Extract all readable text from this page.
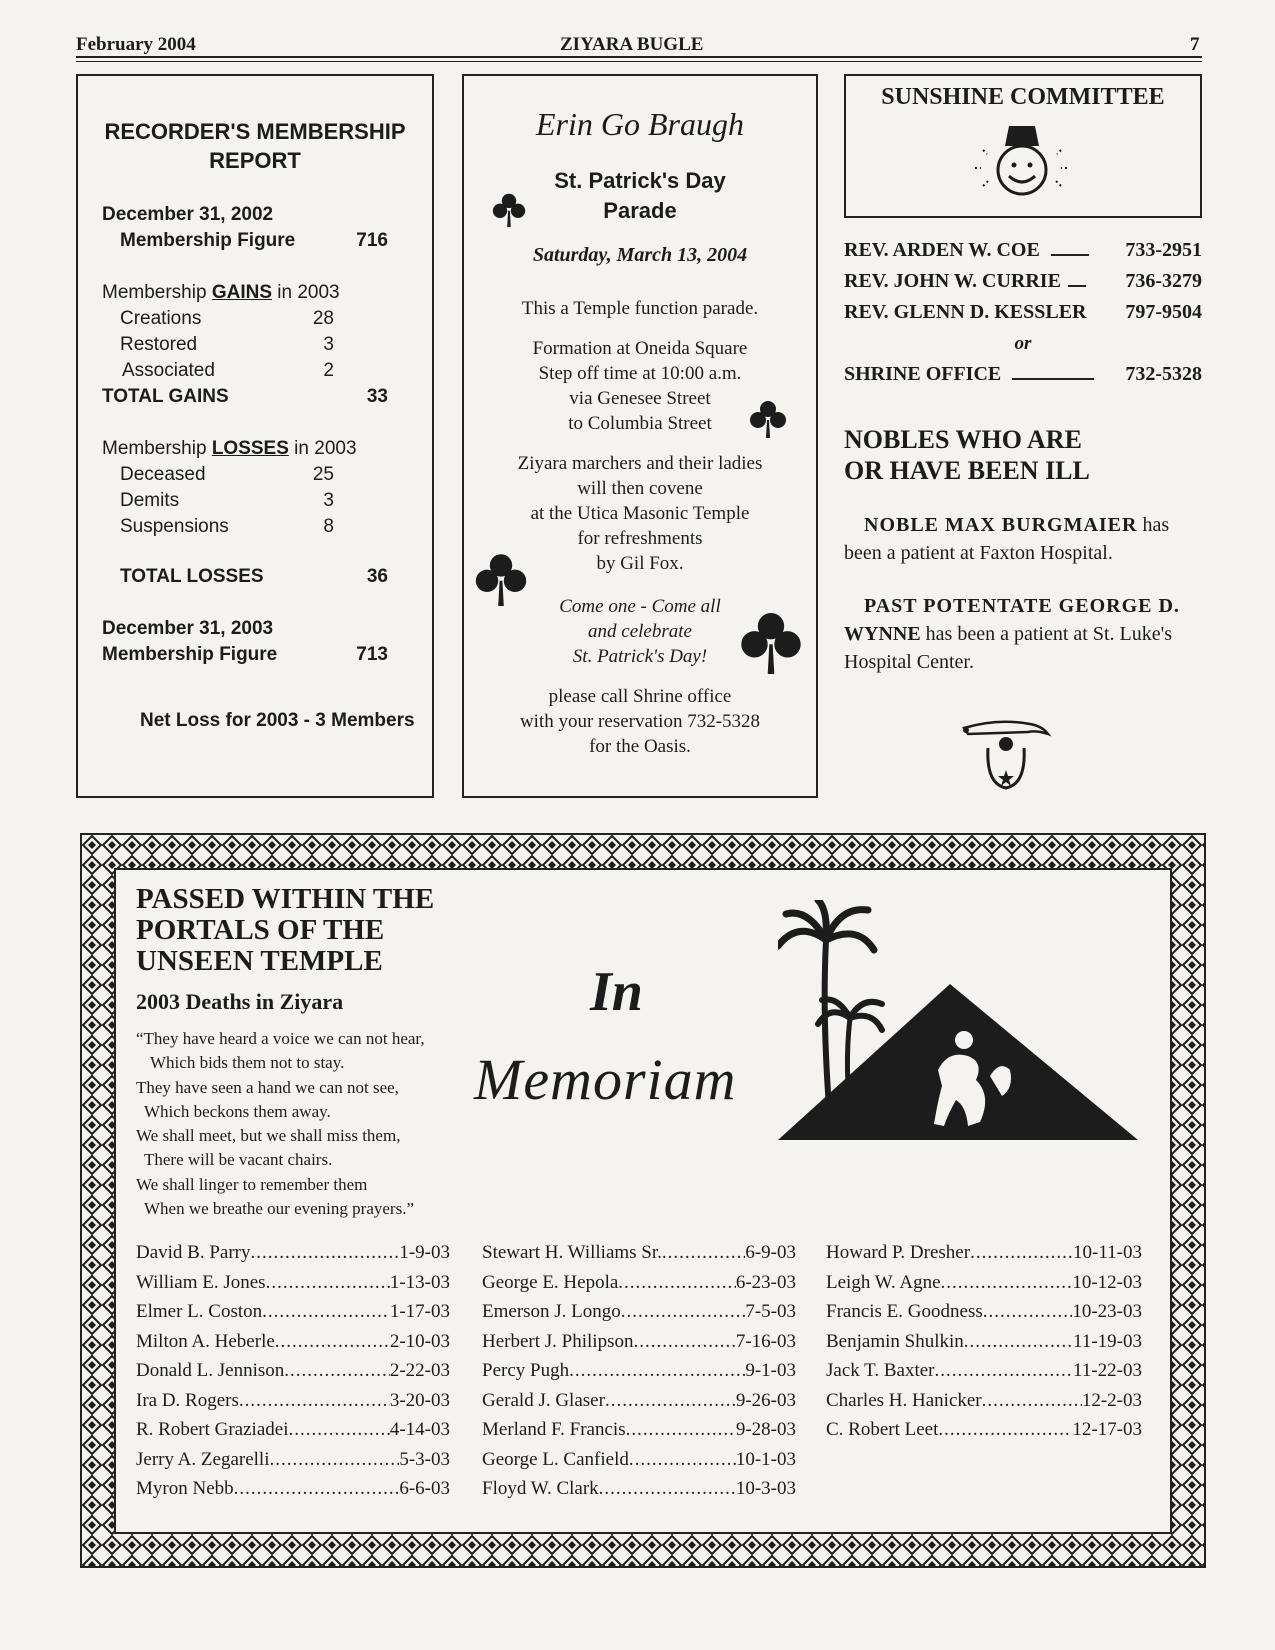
February 2004	ZIYARA BUGLE	7
RECORDER'S MEMBERSHIP
REPORT
December 31, 2002
Membership Figure	716
Membership GAINS in 2003
Creations	28
Restored	3
Associated	2
TOTAL GAINS	33
Membership LOSSES in 2003
Deceased	25
Demits	3
Suspensions	8
TOTAL LOSSES	36
December 31, 2003
Membership Figure	713
Net Loss for 2003 - 3 Members
Erin Go Braugh
St. Patrick's Day
Parade
Saturday, March 13, 2004
This a Temple function parade.
Formation at Oneida Square
Step off time at 10:00 a.m.
via Genesee Street
to Columbia Street
Ziyara marchers and their ladies
will then covene
at the Utica Masonic Temple
for refreshments
by Gil Fox.
Come one - Come all
and celebrate
St. Patrick's Day!
please call Shrine office
with your reservation 732-5328
for the Oasis.
SUNSHINE COMMITTEE
REV. ARDEN W. COE	733-2951
REV. JOHN W. CURRIE	736-3279
REV. GLENN D. KESSLER 797-9504
or
SHRINE OFFICE	732-5328
NOBLES WHO ARE
OR HAVE BEEN ILL
NOBLE MAX BURGMAIER has
been a patient at Faxton Hospital.
PAST POTENTATE GEORGE D.
WYNNE has been a patient at St. Luke's
Hospital Center.
PASSED WITHIN THE
PORTALS OF THE
UNSEEN TEMPLE
2003 Deaths in Ziyara
“They have heard a voice we can not hear,
Which bids them not to stay.
They have seen a hand we can not see,
Which beckons them away.
We shall meet, but we shall miss them,
There will be vacant chairs.
We shall linger to remember them
When we breathe our evening prayers.”
In
Memoriam
David B. Parry .....	1-9-03
William E. Jones .....	1-13-03
Elmer L. Coston .....	1-17-03
Milton A. Heberle .....	2-10-03
Donald L. Jennison .....	2-22-03
Ira D. Rogers .....	3-20-03
R. Robert Graziadei .....	4-14-03
Jerry A. Zegarelli .....	5-3-03
Myron Nebb .....	6-6-03
Stewart H. Williams Sr. .....	6-9-03
George E. Hepola .....	6-23-03
Emerson J. Longo .....	7-5-03
Herbert J. Philipson .....	7-16-03
Percy Pugh .....	9-1-03
Gerald J. Glaser .....	9-26-03
Merland F. Francis .....	9-28-03
George L. Canfield .....	10-1-03
Floyd W. Clark .....	10-3-03
Howard P. Dresher .....	10-11-03
Leigh W. Agne .....	10-12-03
Francis E. Goodness .....	10-23-03
Benjamin Shulkin .....	11-19-03
Jack T. Baxter .....	11-22-03
Charles H. Hanicker .....	12-2-03
C. Robert Leet .....	12-17-03
